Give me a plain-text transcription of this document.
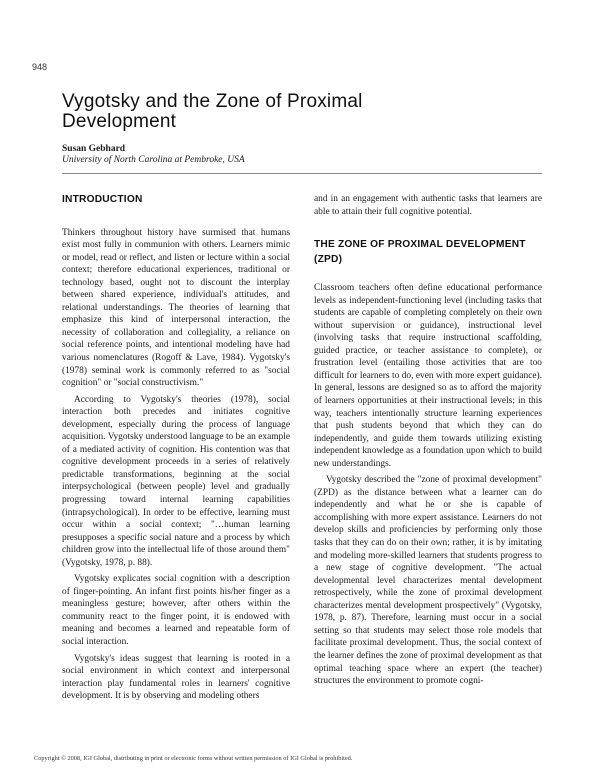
948
Vygotsky and the Zone of Proximal Development
Susan Gebhard
University of North Carolina at Pembroke, USA
INTRODUCTION

Thinkers throughout history have surmised that humans exist most fully in communion with others. Learners mimic or model, read or reflect, and listen or lecture within a social context; therefore educational experiences, traditional or technology based, ought not to discount the interplay between shared experience, individual's attitudes, and relational understandings. The theories of learning that emphasize this kind of interpersonal interaction, the necessity of collaboration and collegiality, a reliance on social reference points, and intentional modeling have had various nomenclatures (Rogoff & Lave, 1984). Vygotsky's (1978) seminal work is commonly referred to as "social cognition" or "social constructivism."

According to Vygotsky's theories (1978), social interaction both precedes and initiates cognitive development, especially during the process of language acquisition. Vygotsky understood language to be an example of a mediated activity of cognition. His contention was that cognitive development proceeds in a series of relatively predictable transformations, beginning at the social interpsychological (between people) level and gradually progressing toward internal learning capabilities (intrapsychological). In order to be effective, learning must occur within a social context; "…human learning presupposes a specific social nature and a process by which children grow into the intellectual life of those around them" (Vygotsky, 1978, p. 88).

Vygotsky explicates social cognition with a description of finger-pointing. An infant first points his/her finger as a meaningless gesture; however, after others within the community react to the finger point, it is endowed with meaning and becomes a learned and repeatable form of social interaction.

Vygotsky's ideas suggest that learning is rooted in a social environment in which context and interpersonal interaction play fundamental roles in learners' cognitive development. It is by observing and modeling others

and in an engagement with authentic tasks that learners are able to attain their full cognitive potential.

THE ZONE OF PROXIMAL DEVELOPMENT (ZPD)

Classroom teachers often define educational performance levels as independent-functioning level (including tasks that students are capable of completing completely on their own without supervision or guidance), instructional level (involving tasks that require instructional scaffolding, guided practice, or teacher assistance to complete), or frustration level (entailing those activities that are too difficult for learners to do, even with more expert guidance). In general, lessons are designed so as to afford the majority of learners opportunities at their instructional levels; in this way, teachers intentionally structure learning experiences that push students beyond that which they can do independently, and guide them towards utilizing existing independent knowledge as a foundation upon which to build new understandings.

Vygotsky described the "zone of proximal development" (ZPD) as the distance between what a learner can do independently and what he or she is capable of accomplishing with more expert assistance. Learners do not develop skills and proficiencies by performing only those tasks that they can do on their own; rather, it is by imitating and modeling more-skilled learners that students progress to a new stage of cognitive development. "The actual developmental level characterizes mental development retrospectively, while the zone of proximal development characterizes mental development prospectively" (Vygotsky, 1978, p. 87). Therefore, learning must occur in a social setting so that students may select those role models that facilitate proximal development. Thus, the social context of the learner defines the zone of proximal development as that optimal teaching space where an expert (the teacher) structures the environment to promote cogni-

Copyright © 2008, IGI Global, distributing in print or electronic forms without written permission of IGI Global is prohibited.
